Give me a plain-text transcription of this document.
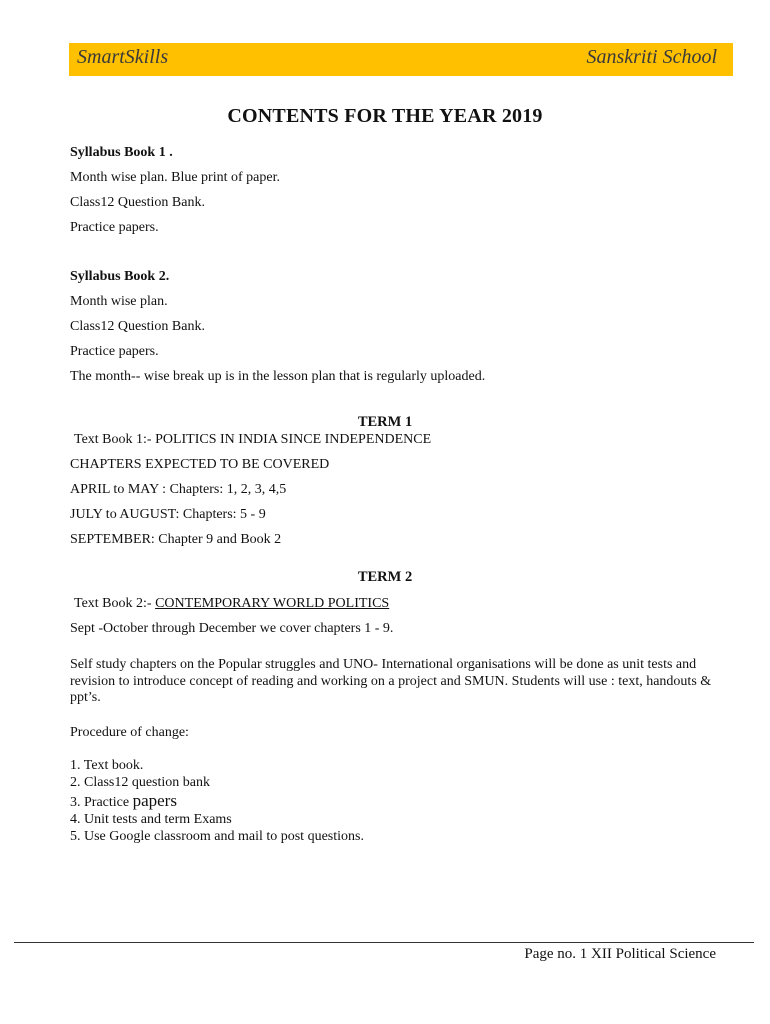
SmartSkills	Sanskriti School
CONTENTS FOR THE YEAR 2019
Syllabus Book 1 .
Month wise plan. Blue print of paper.
Class12 Question Bank.
Practice papers.
Syllabus Book 2.
Month wise plan.
Class12 Question Bank.
Practice papers.
The month-- wise break up is in the lesson plan that is regularly uploaded.
TERM 1
Text Book 1:- POLITICS IN INDIA SINCE INDEPENDENCE
CHAPTERS EXPECTED TO BE COVERED
APRIL to MAY : Chapters: 1, 2, 3, 4,5
JULY to AUGUST: Chapters: 5 - 9
SEPTEMBER: Chapter 9 and Book 2
TERM 2
Text Book 2:- CONTEMPORARY WORLD POLITICS
Sept -October through December we cover chapters 1 - 9.
Self study chapters on the Popular struggles and UNO- International organisations will be done as unit tests and revision to introduce concept of reading and working on a project and SMUN. Students will use : text, handouts & ppt’s.
Procedure of change:
1. Text book.
2. Class12 question bank
3. Practice papers
4. Unit tests and term Exams
5. Use Google classroom and mail to post questions.
Page no. 1 XII Political Science
